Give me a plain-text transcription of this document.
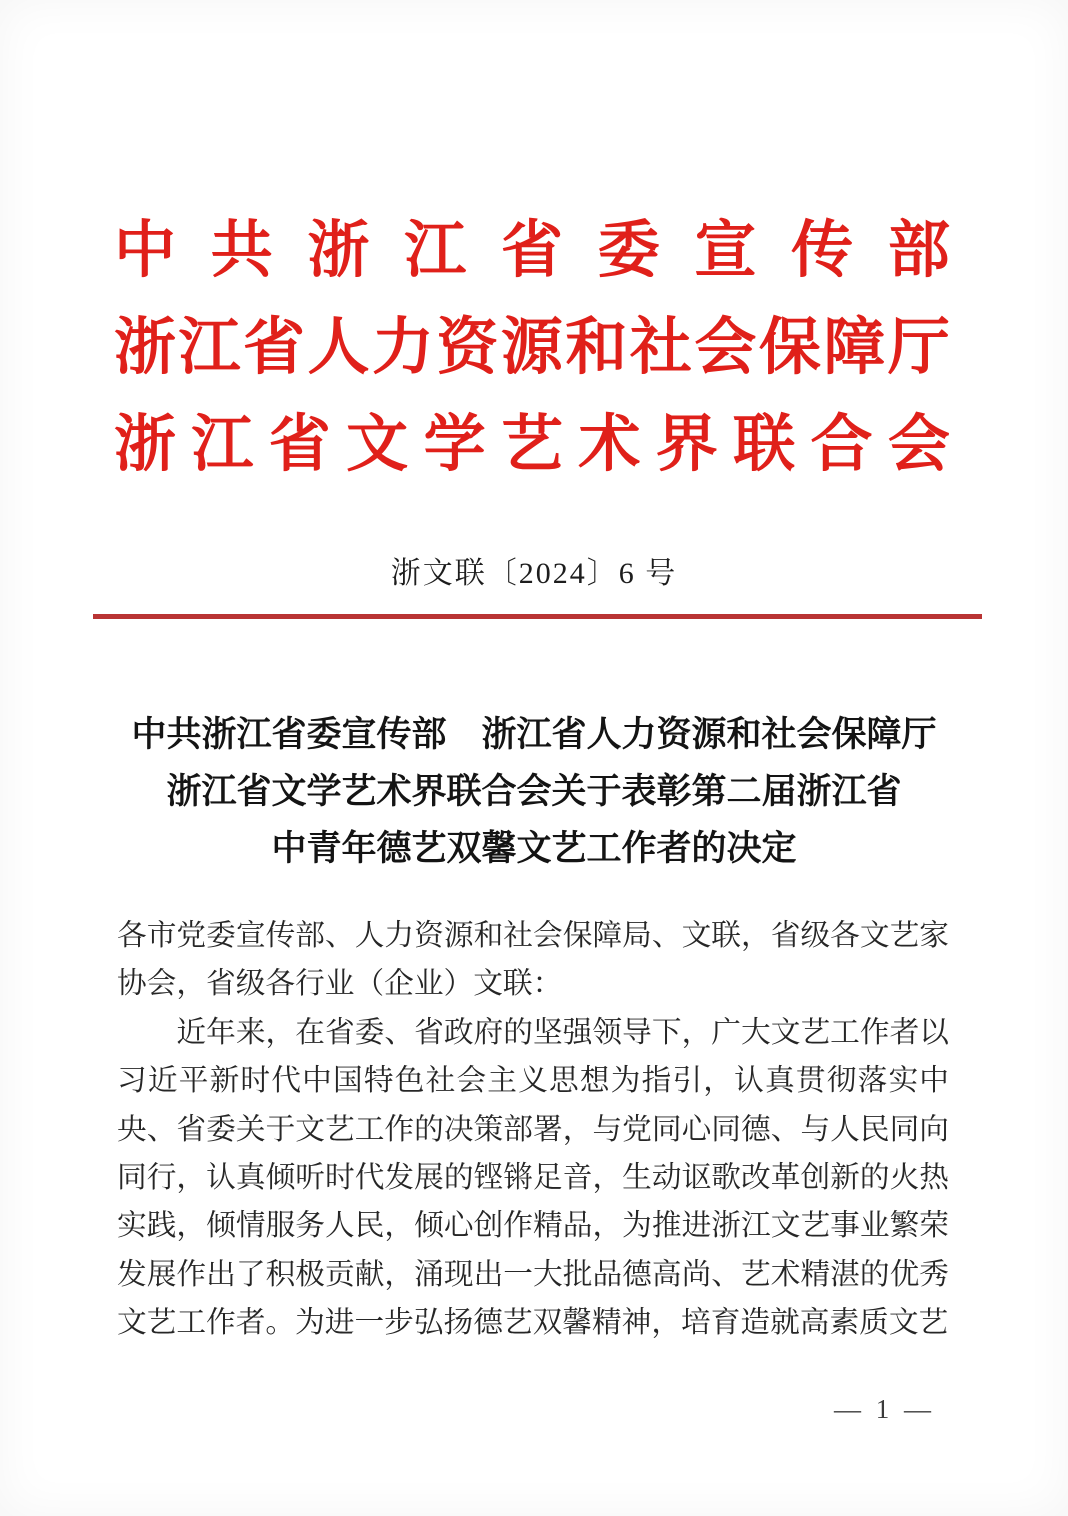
中 共 浙 江 省 委 宣 传 部
浙 江 省 人 力 资 源 和 社 会 保 障 厅
浙 江 省 文 学 艺 术 界 联 合 会
浙文联〔2024〕6 号
中共浙江省委宣传部　浙江省人力资源和社会保障厅
浙江省文学艺术界联合会关于表彰第二届浙江省
中青年德艺双馨文艺工作者的决定

各市党委宣传部、人力资源和社会保障局、文联，省级各文艺家协会，省级各行业（企业）文联：

近年来，在省委、省政府的坚强领导下，广大文艺工作者以习近平新时代中国特色社会主义思想为指引，认真贯彻落实中央、省委关于文艺工作的决策部署，与党同心同德、与人民同向同行，认真倾听时代发展的铿锵足音，生动讴歌改革创新的火热实践，倾情服务人民，倾心创作精品，为推进浙江文艺事业繁荣发展作出了积极贡献，涌现出一大批品德高尚、艺术精湛的优秀文艺工作者。为进一步弘扬德艺双馨精神，培育造就高素质文艺

— 1 —
